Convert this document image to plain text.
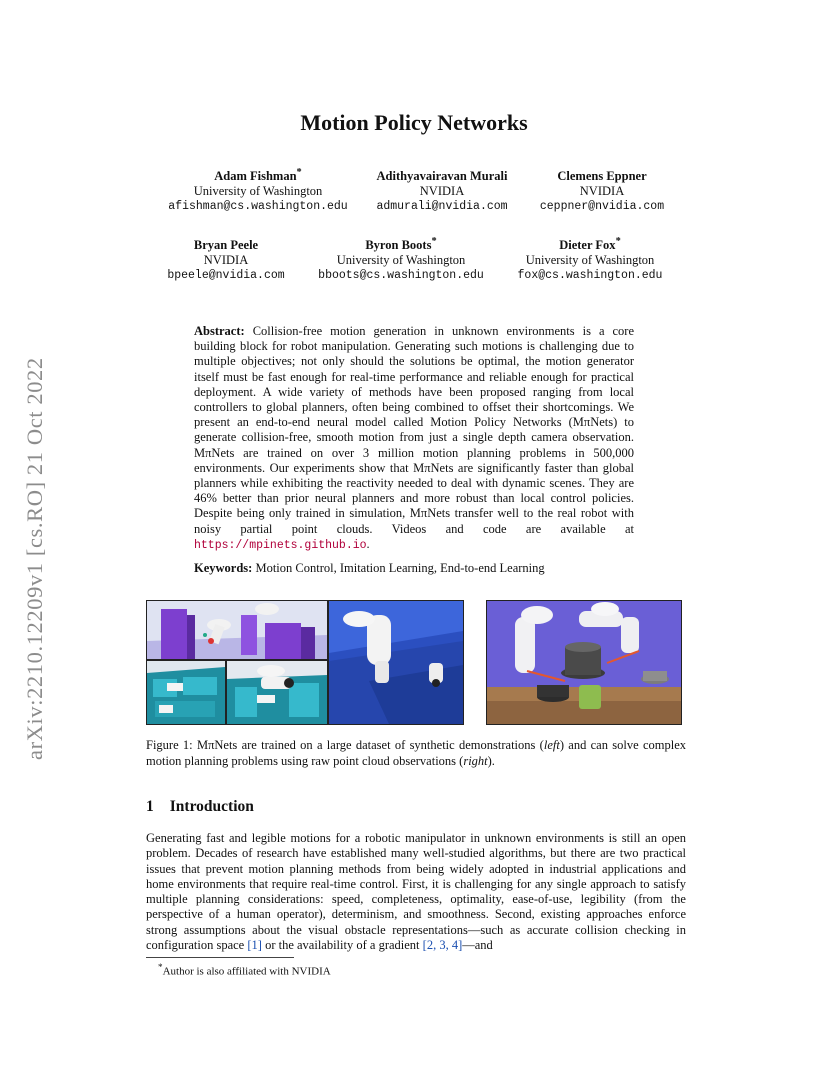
arXiv:2210.12209v1 [cs.RO] 21 Oct 2022
Motion Policy Networks
Adam Fishman*
University of Washington
afishman@cs.washington.edu
Adithyavairavan Murali
NVIDIA
admurali@nvidia.com
Clemens Eppner
NVIDIA
ceppner@nvidia.com
Bryan Peele
NVIDIA
bpeele@nvidia.com
Byron Boots*
University of Washington
bboots@cs.washington.edu
Dieter Fox*
University of Washington
fox@cs.washington.edu
Abstract: Collision-free motion generation in unknown environments is a core building block for robot manipulation. Generating such motions is challenging due to multiple objectives; not only should the solutions be optimal, the motion generator itself must be fast enough for real-time performance and reliable enough for practical deployment. A wide variety of methods have been proposed ranging from local controllers to global planners, often being combined to offset their shortcomings. We present an end-to-end neural model called Motion Policy Networks (MπNets) to generate collision-free, smooth motion from just a single depth camera observation. MπNets are trained on over 3 million motion planning problems in 500,000 environments. Our experiments show that MπNets are significantly faster than global planners while exhibiting the reactivity needed to deal with dynamic scenes. They are 46% better than prior neural planners and more robust than local control policies. Despite being only trained in simulation, MπNets transfer well to the real robot with noisy partial point clouds. Videos and code are available at https://mpinets.github.io.
Keywords: Motion Control, Imitation Learning, End-to-end Learning
Figure 1: MπNets are trained on a large dataset of synthetic demonstrations (left) and can solve complex motion planning problems using raw point cloud observations (right).
1 Introduction
Generating fast and legible motions for a robotic manipulator in unknown environments is still an open problem. Decades of research have established many well-studied algorithms, but there are two practical issues that prevent motion planning methods from being widely adopted in industrial applications and home environments that require real-time control. First, it is challenging for any single approach to satisfy multiple planning considerations: speed, completeness, optimality, ease-of-use, legibility (from the perspective of a human operator), determinism, and smoothness. Second, existing approaches enforce strong assumptions about the visual obstacle representations—such as accurate collision checking in configuration space [1] or the availability of a gradient [2, 3, 4]—and
*Author is also affiliated with NVIDIA
